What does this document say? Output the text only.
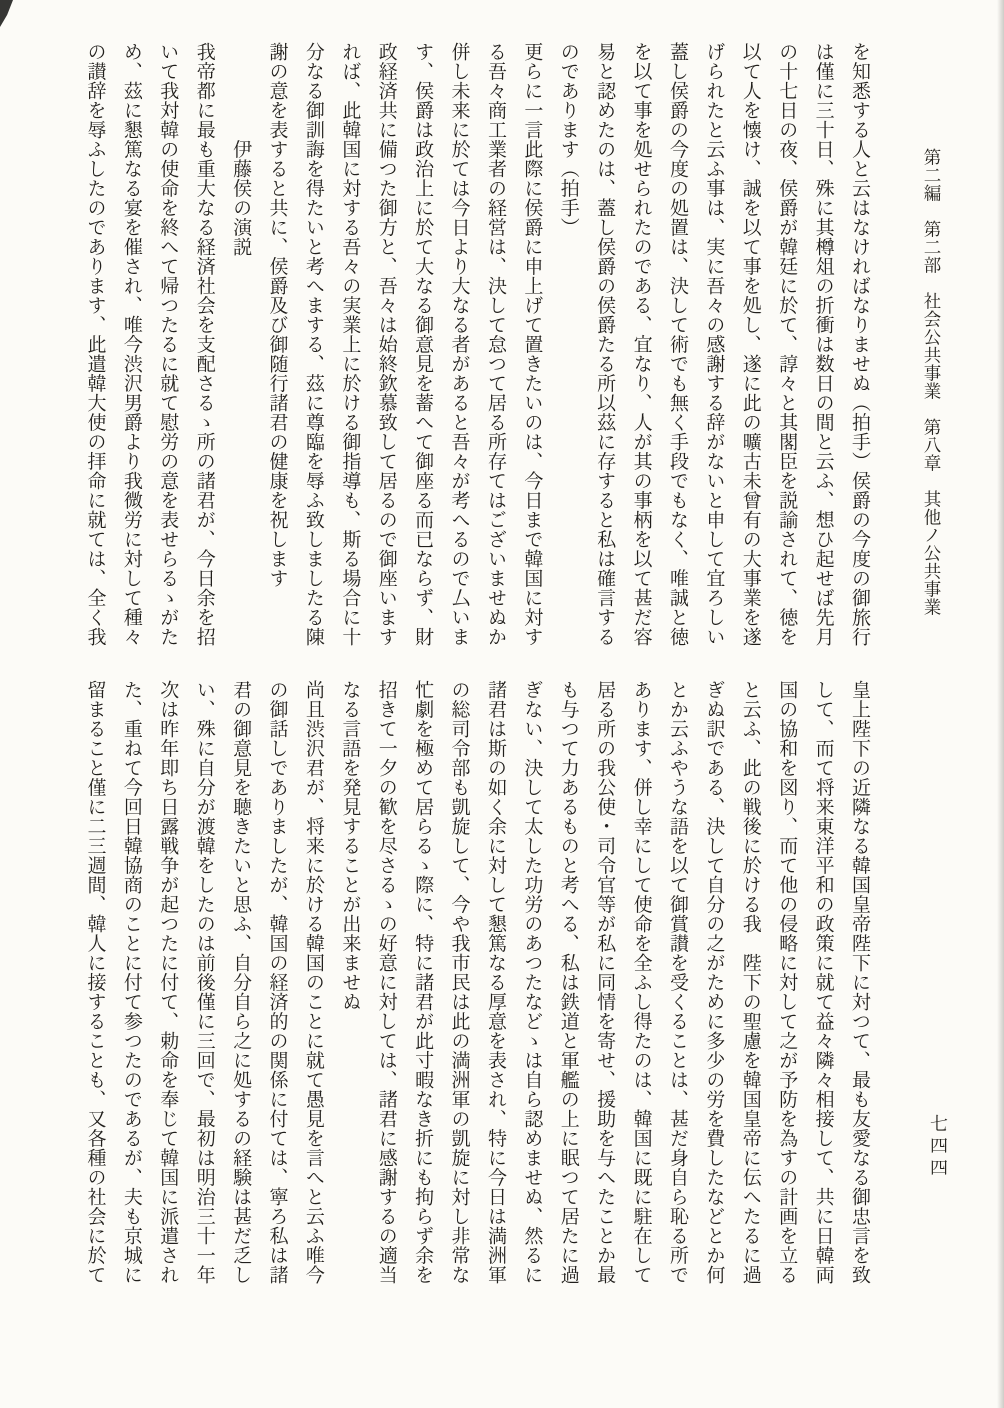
第二編　第二部　社会公共事業　第八章　其他ノ公共事業
七四四

を知悉する人と云はなければなりませぬ（拍手）侯爵の今度の御旅行

は僅に三十日、殊に其樽俎の折衝は数日の間と云ふ、想ひ起せば先月

の十七日の夜、侯爵が韓廷に於て、諄々と其閣臣を説諭されて、徳を

以て人を懐け、誠を以て事を処し、遂に此の曠古未曾有の大事業を遂

げられたと云ふ事は、実に吾々の感謝する辞がないと申して宜ろしい

蓋し侯爵の今度の処置は、決して術でも無く手段でもなく、唯誠と徳

を以て事を処せられたのである、宜なり、人が其の事柄を以て甚だ容

易と認めたのは、蓋し侯爵の侯爵たる所以茲に存すると私は確言する

のであります（拍手）

更らに一言此際に侯爵に申上げて置きたいのは、今日まで韓国に対す

る吾々商工業者の経営は、決して怠つて居る所存てはございませぬか

併し未来に於ては今日より大なる者があると吾々が考へるので厶いま

す、侯爵は政治上に於て大なる御意見を蓄へて御座る而已ならず、財

政経済共に備つた御方と、吾々は始終欽慕致して居るので御座います

れば、此韓国に対する吾々の実業上に於ける御指導も、斯る場合に十

分なる御訓誨を得たいと考へまする、茲に尊臨を辱ふ致しましたる陳

謝の意を表すると共に、侯爵及び御随行諸君の健康を祝します

　　　　　伊藤侯の演説

我帝都に最も重大なる経済社会を支配さるゝ所の諸君が、今日余を招

いて我対韓の使命を終へて帰つたるに就て慰労の意を表せらるゝがた

め、茲に懇篤なる宴を催され、唯今渋沢男爵より我微労に対して種々

の讃辞を辱ふしたのであります、此遣韓大使の拝命に就ては、全く我

皇上陛下の近隣なる韓国皇帝陛下に対つて、最も友愛なる御忠言を致

して、而て将来東洋平和の政策に就て益々隣々相接して、共に日韓両

国の協和を図り、而て他の侵略に対して之が予防を為すの計画を立る

と云ふ、此の戦後に於ける我　陛下の聖慮を韓国皇帝に伝へたるに過

ぎぬ訳である、決して自分の之がために多少の労を費したなどとか何

とか云ふやうな語を以て御賞讃を受くることは、甚だ身自ら恥る所で

あります、併し幸にして使命を全ふし得たのは、韓国に既に駐在して

居る所の我公使・司令官等が私に同情を寄せ、援助を与へたことか最

も与つて力あるものと考へる、私は鉄道と軍艦の上に眠つて居たに過

ぎない、決して太した功労のあつたなどゝは自ら認めませぬ、然るに

諸君は斯の如く余に対して懇篤なる厚意を表され、特に今日は満洲軍

の総司令部も凱旋して、今や我市民は此の満洲軍の凱旋に対し非常な

忙劇を極めて居らるゝ際に、特に諸君が此寸暇なき折にも拘らず余を

招きて一夕の歓を尽さるゝの好意に対しては、諸君に感謝するの適当

なる言語を発見することが出来ませぬ

尚且渋沢君が、将来に於ける韓国のことに就て愚見を言へと云ふ唯今

の御話しでありましたが、韓国の経済的の関係に付ては、寧ろ私は諸

君の御意見を聴きたいと思ふ、自分自ら之に処するの経験は甚だ乏し

い、殊に自分が渡韓をしたのは前後僅に三回で、最初は明治三十一年

次は昨年即ち日露戦争が起つたに付て、勅命を奉じて韓国に派遣され

た、重ねて今回日韓協商のことに付て参つたのであるが、夫も京城に

留まること僅に二三週間、韓人に接することも、又各種の社会に於て
